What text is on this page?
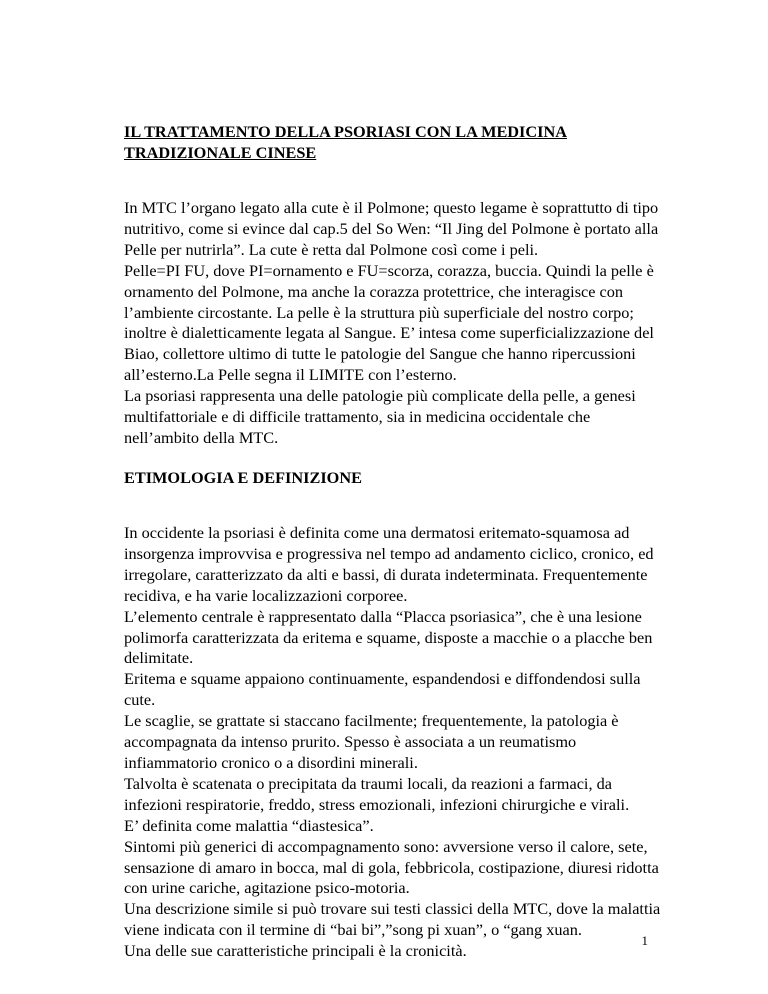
IL TRATTAMENTO DELLA PSORIASI CON LA MEDICINA
TRADIZIONALE CINESE

In MTC l’organo legato alla cute è il Polmone; questo legame è soprattutto di tipo
nutritivo, come si evince dal cap.5 del So Wen: “Il Jing del Polmone è portato alla
Pelle per nutrirla”. La cute è retta dal Polmone così come i peli.
Pelle=PI FU, dove PI=ornamento e FU=scorza, corazza, buccia. Quindi la pelle è
ornamento del Polmone, ma anche la corazza protettrice, che interagisce con
l’ambiente circostante. La pelle è la struttura più superficiale del nostro corpo;
inoltre è dialetticamente legata al Sangue. E’ intesa come superficializzazione del
Biao, collettore ultimo di tutte le patologie del Sangue che hanno ripercussioni
all’esterno.La Pelle segna il LIMITE con l’esterno.
La psoriasi rappresenta una delle patologie più complicate della pelle, a genesi
multifattoriale e di difficile trattamento, sia in medicina occidentale che
nell’ambito della MTC.

ETIMOLOGIA E DEFINIZIONE

In occidente la psoriasi è definita come una dermatosi eritemato-squamosa ad
insorgenza improvvisa e progressiva nel tempo ad andamento ciclico, cronico, ed
irregolare, caratterizzato da alti e bassi, di durata indeterminata. Frequentemente
recidiva, e ha varie localizzazioni corporee.
L’elemento centrale è rappresentato dalla “Placca psoriasica”, che è una lesione
polimorfa caratterizzata da eritema e squame, disposte a macchie o a placche ben
delimitate.
Eritema e squame appaiono continuamente, espandendosi e diffondendosi sulla
cute.
Le scaglie, se grattate si staccano facilmente; frequentemente, la patologia è
accompagnata da intenso prurito. Spesso è associata a un reumatismo
infiammatorio cronico o a disordini minerali.
Talvolta è scatenata o precipitata da traumi locali, da reazioni a farmaci, da
infezioni respiratorie, freddo, stress emozionali, infezioni chirurgiche e virali.
E’ definita come malattia “diastesica”.
Sintomi più generici di accompagnamento sono: avversione verso il calore, sete,
sensazione di amaro in bocca, mal di gola, febbricola, costipazione, diuresi ridotta
con urine cariche, agitazione psico-motoria.
Una descrizione simile si può trovare sui testi classici della MTC, dove la malattia
viene indicata con il termine di “bai bi”,”song pi xuan”, o “gang xuan.
Una delle sue caratteristiche principali è la cronicità.

1
